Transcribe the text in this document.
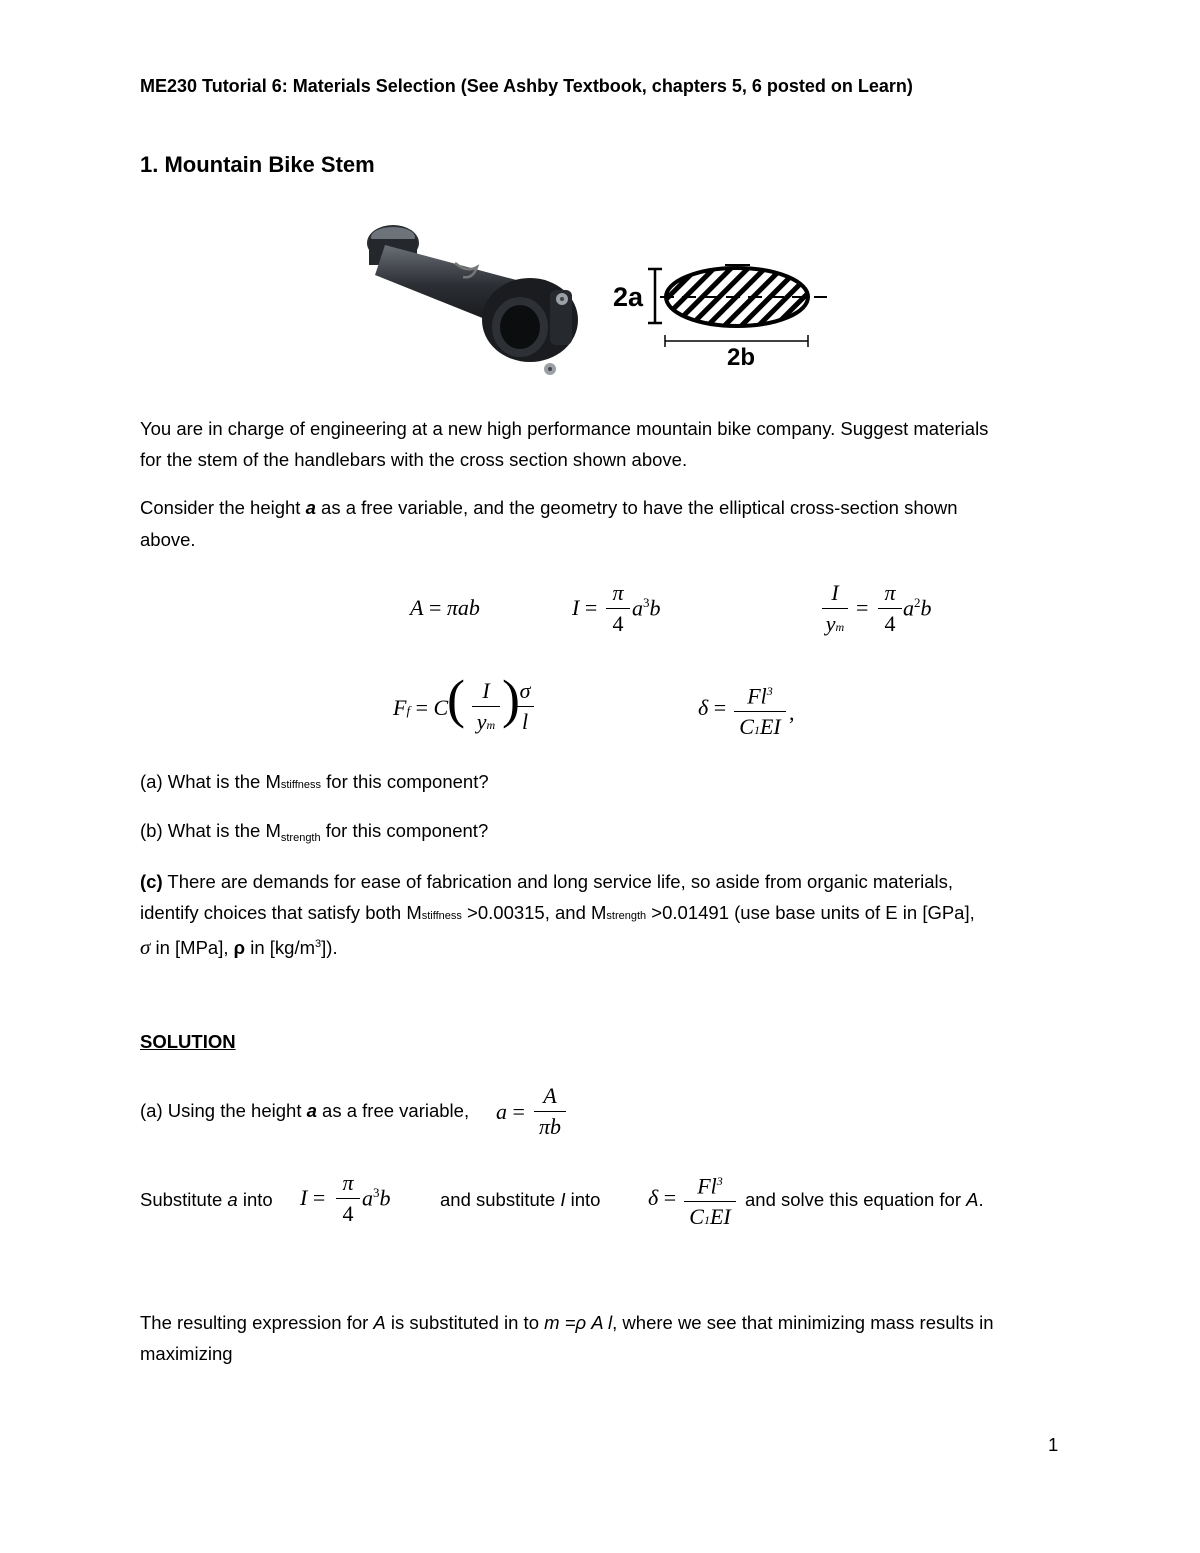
ME230 Tutorial 6: Materials Selection (See Ashby Textbook, chapters 5, 6 posted on Learn)
1. Mountain Bike Stem
2a
2b
You are in charge of engineering at a new high performance mountain bike company. Suggest materials
for the stem of the handlebars with the cross section shown above.
Consider the height a as a free variable, and the geometry to have the elliptical cross-section shown
above.
A = πab	I =
π
4
$a^3b$
I
ym
=
π
4
$a^2b$
Ff = C
( I
ym ) σ
l
$\delta = Fl^3$
C1EI
,
(a) What is the Mstiffness for this component?
(b) What is the $M_{strength}$ for this component?
(c) There are demands for ease of fabrication and long service life, so aside from organic materials,
identify choices that satisfy both Mstiffness >0.00315, and Mstrength >0.01491 (use base units of E in [GPa],
σ in [MPa], ρ in $[kg/m^3]$).
SOLUTION
(a) Using the height a as a free variable, a =
A
πb
Substitute a into I =
π
4
$a^3b$	and substitute I into $\delta = Fl^3$
C1EI
and solve this equation for A.
The resulting expression for A is substituted in to m =ρ A l, where we see that minimizing mass results in
maximizing
1
